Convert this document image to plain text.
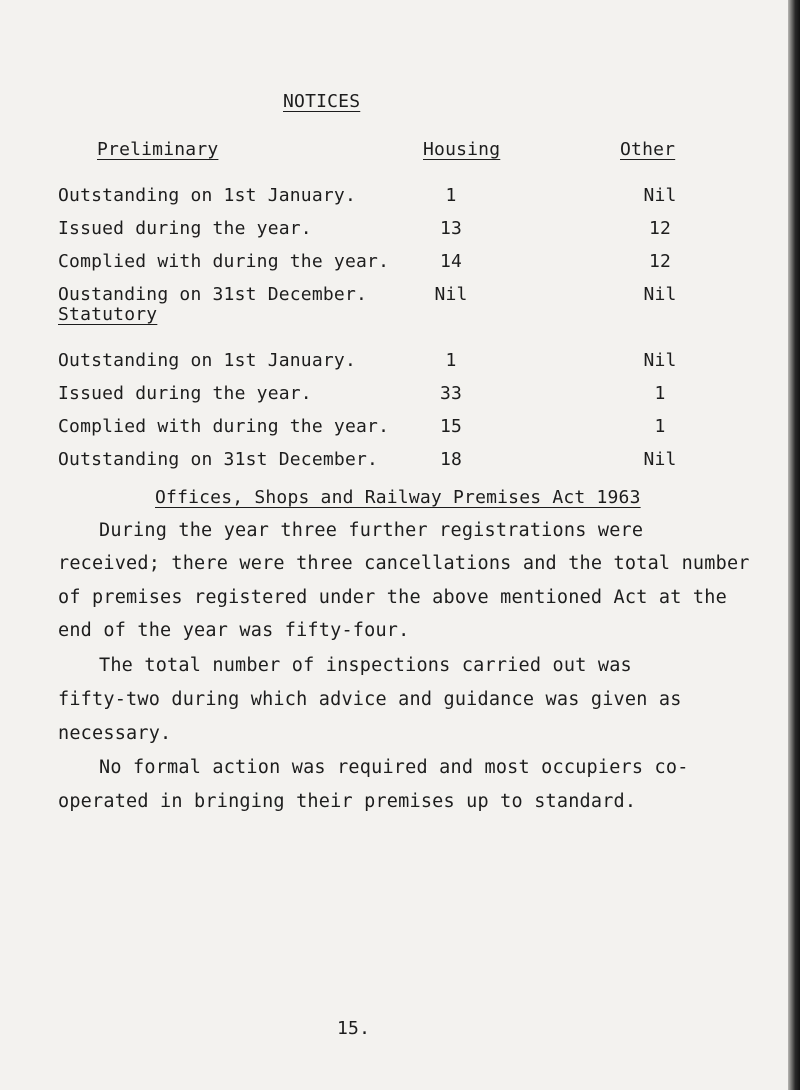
NOTICES
Preliminary	Housing	Other
Outstanding on 1st January.	1	Nil
Issued during the year.	13	12
Complied with during the year.	14	12
Oustanding on 31st December.	Nil	Nil
Statutory
Outstanding on 1st January.	1	Nil
Issued during the year.	33	1
Complied with during the year.	15	1
Outstanding on 31st December.	18	Nil
Offices, Shops and Railway Premises Act 1963
During the year three further registrations were
received; there were three cancellations and the total number
of premises registered under the above mentioned Act at the
end of the year was fifty-four.
The total number of inspections carried out was
fifty-two during which advice and guidance was given as
necessary.
No formal action was required and most occupiers co-
operated in bringing their premises up to standard.
15.
